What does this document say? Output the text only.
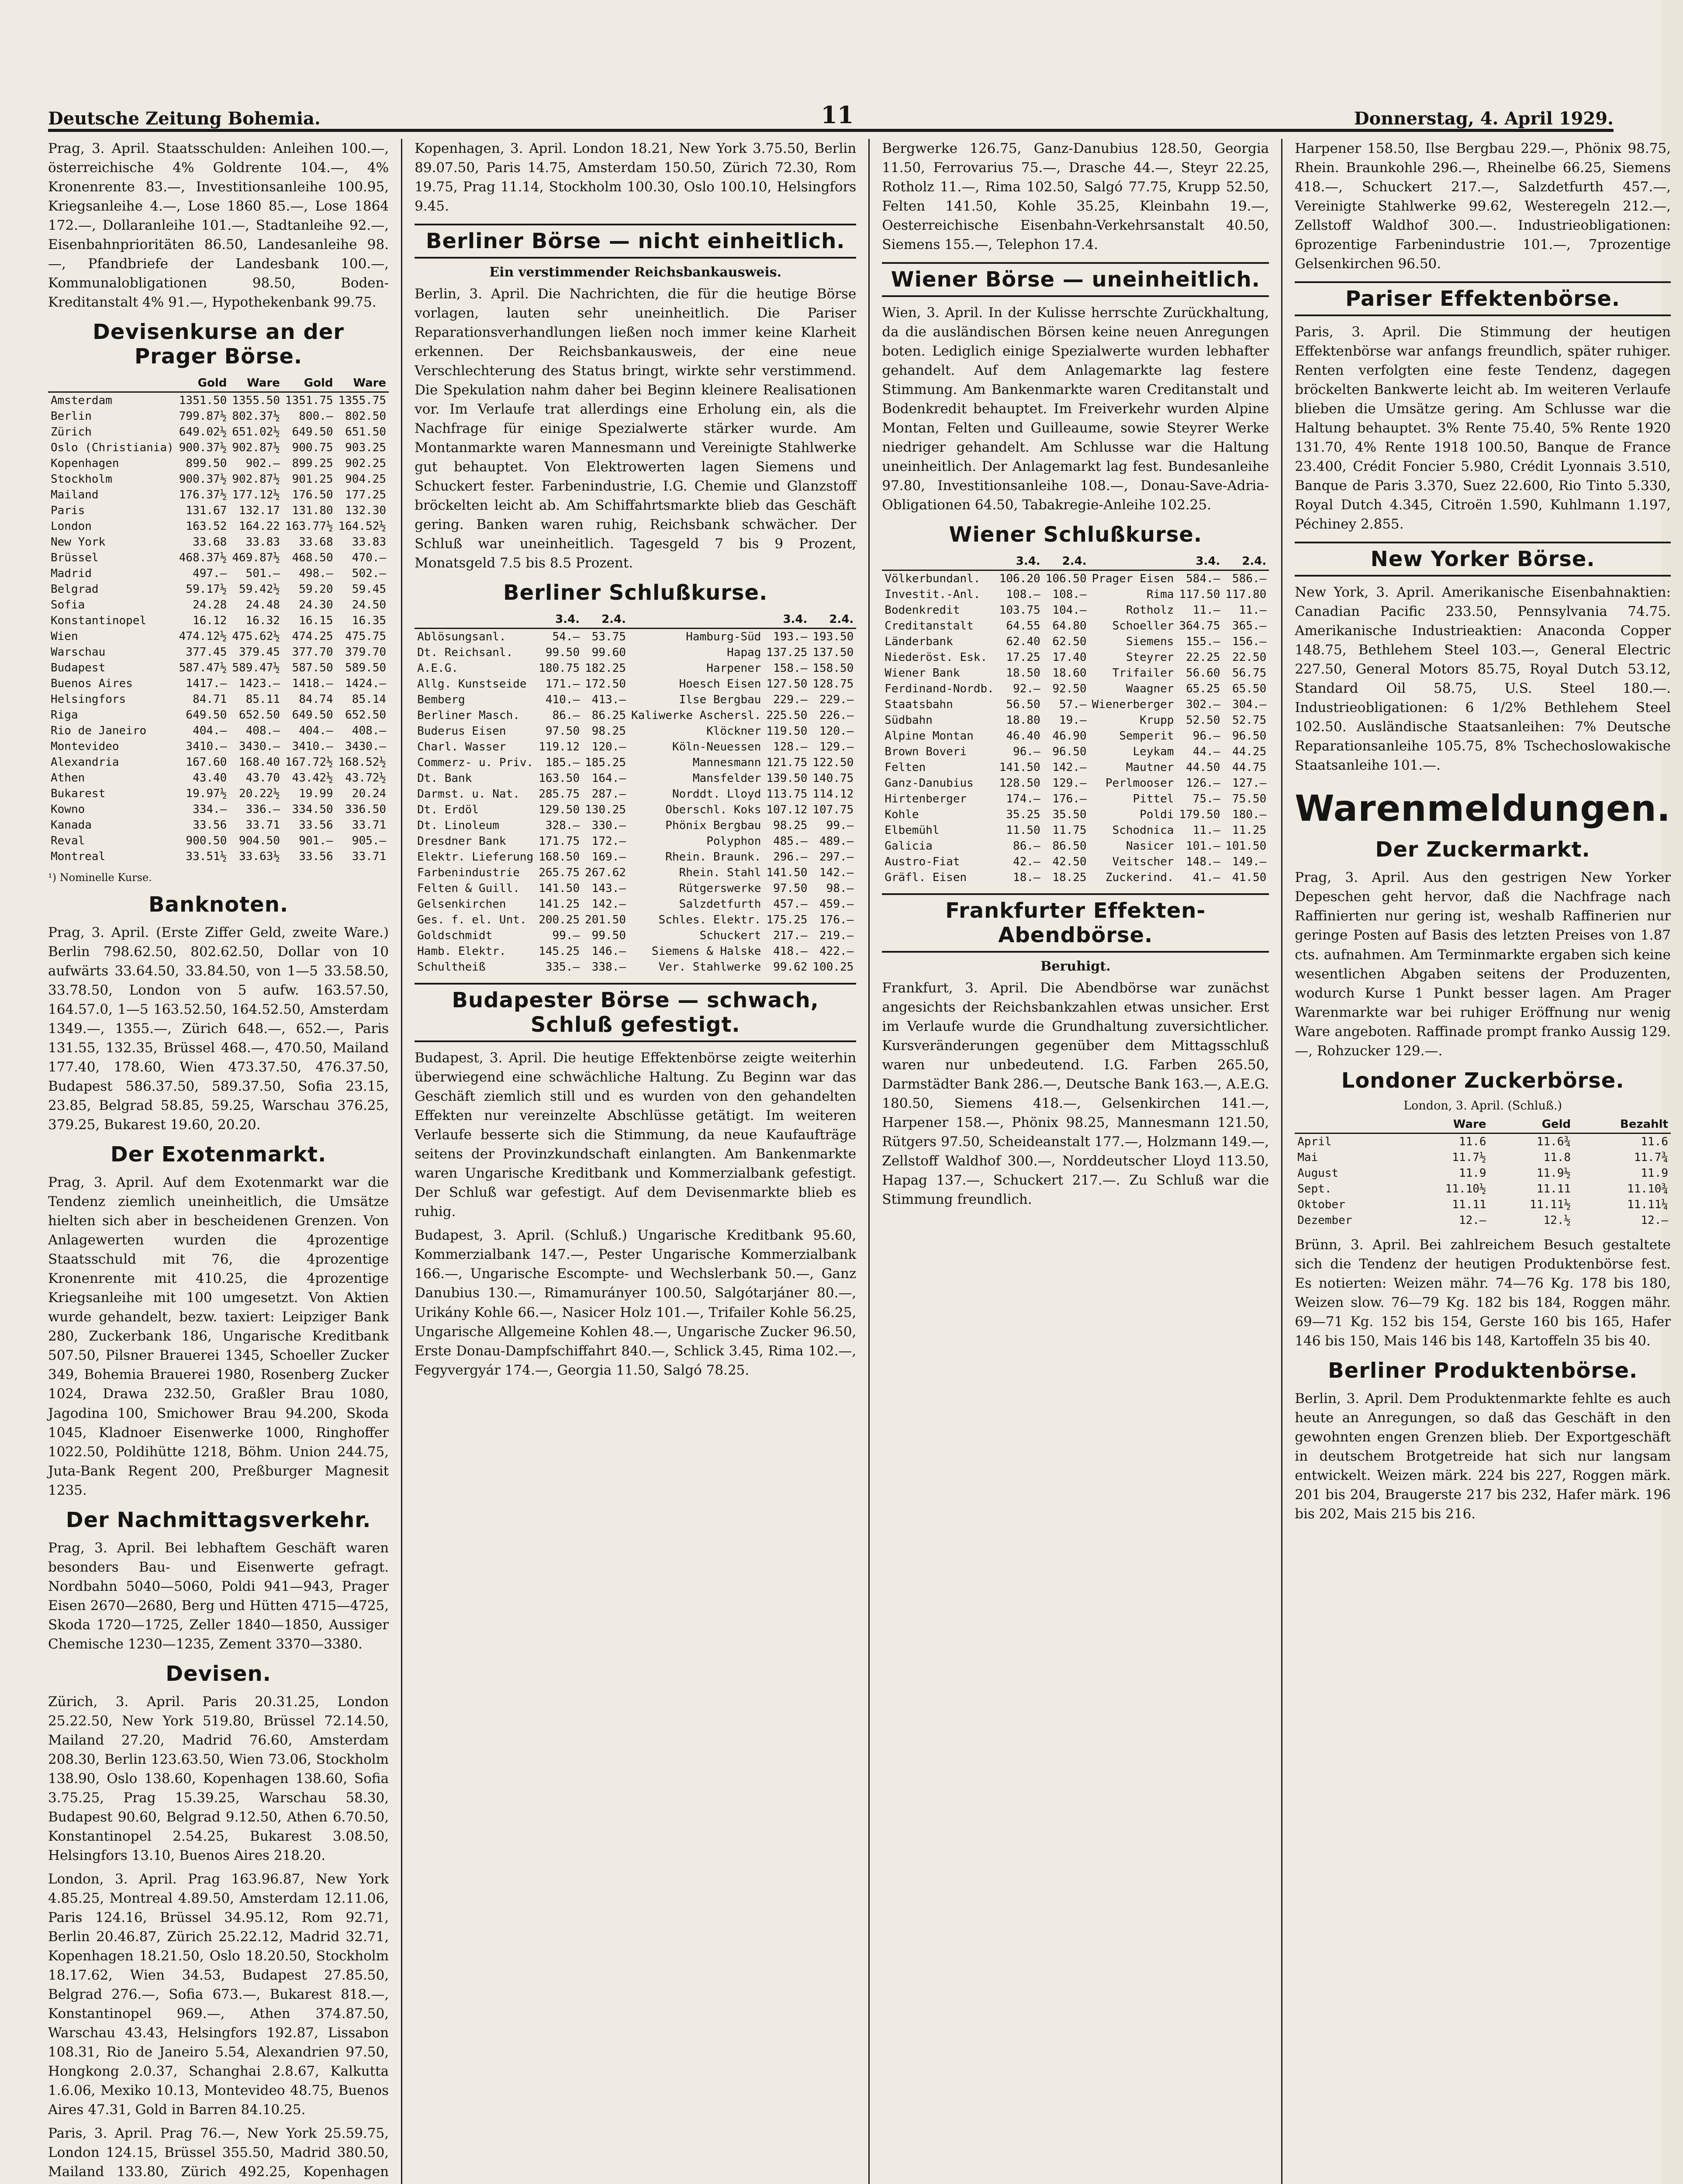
Deutsche Zeitung Bohemia.	11	Donnerstag, 4. April 1929.

Prag, 3. April. Staatsschulden: Anleihen 100.—, österreichische 4% Goldrente 104.—, 4% Kronenrente 83.—, Investitionsanleihe 100.95, Kriegsanleihe 4.—, Lose 1860 85.—, Lose 1864 172.—, Dollaranleihe 101.—, Stadtanleihe 92.—, Eisenbahnprioritäten 86.50, Landesanleihe 98.—, Pfandbriefe der Landesbank 100.—, Kommunalobligationen 98.50, Boden-Kreditanstalt 4% 91.—, Hypothekenbank 99.75.

Devisenkurse an der Prager Börse.
	Gold	Ware	Gold	Ware
Amsterdam	1351.50	1355.50	1351.75	1355.75
Berlin	799.87½	802.37½	800.—	802.50
Zürich	649.02½	651.02½	649.50	651.50
Oslo (Christiania)	900.37½	902.87½	900.75	903.25
Kopenhagen	899.50	902.—	899.25	902.25
Stockholm	900.37½	902.87½	901.25	904.25
Mailand	176.37½	177.12½	176.50	177.25
Paris	131.67	132.17	131.80	132.30
London	163.52	164.22	163.77½	164.52½
New York	33.68	33.83	33.68	33.83
Brüssel	468.37½	469.87½	468.50	470.—
Madrid	497.—	501.—	498.—	502.—
Belgrad	59.17½	59.42½	59.20	59.45
Sofia	24.28	24.48	24.30	24.50
Konstantinopel	16.12	16.32	16.15	16.35
Wien	474.12½	475.62½	474.25	475.75
Warschau	377.45	379.45	377.70	379.70
Budapest	587.47½	589.47½	587.50	589.50
Buenos Aires	1417.—	1423.—	1418.—	1424.—
Helsingfors	84.71	85.11	84.74	85.14
Riga	649.50	652.50	649.50	652.50
Rio de Janeiro	404.—	408.—	404.—	408.—
Montevideo	3410.—	3430.—	3410.—	3430.—
Alexandria	167.60	168.40	167.72½	168.52½
Athen	43.40	43.70	43.42½	43.72½
Bukarest	19.97½	20.22½	19.99	20.24
Kowno	334.—	336.—	334.50	336.50
Kanada	33.56	33.71	33.56	33.71
Reval	900.50	904.50	901.—	905.—
Montreal	33.51½	33.63½	33.56	33.71
¹) Nominelle Kurse.
Banknoten.

Prag, 3. April. (Erste Ziffer Geld, zweite Ware.) Berlin 798.62.50, 802.62.50, Dollar von 10 aufwärts 33.64.50, 33.84.50, von 1—5 33.58.50, 33.78.50, London von 5 aufw. 163.57.50, 164.57.0, 1—5 163.52.50, 164.52.50, Amsterdam 1349.—, 1355.—, Zürich 648.—, 652.—, Paris 131.55, 132.35, Brüssel 468.—, 470.50, Mailand 177.40, 178.60, Wien 473.37.50, 476.37.50, Budapest 586.37.50, 589.37.50, Sofia 23.15, 23.85, Belgrad 58.85, 59.25, Warschau 376.25, 379.25, Bukarest 19.60, 20.20.

Der Exotenmarkt.

Prag, 3. April. Auf dem Exotenmarkt war die Tendenz ziemlich uneinheitlich, die Umsätze hielten sich aber in bescheidenen Grenzen. Von Anlagewerten wurden die 4prozentige Staatsschuld mit 76, die 4prozentige Kronenrente mit 410.25, die 4prozentige Kriegsanleihe mit 100 umgesetzt. Von Aktien wurde gehandelt, bezw. taxiert: Leipziger Bank 280, Zuckerbank 186, Ungarische Kreditbank 507.50, Pilsner Brauerei 1345, Schoeller Zucker 349, Bohemia Brauerei 1980, Rosenberg Zucker 1024, Drawa 232.50, Graßler Brau 1080, Jagodina 100, Smichower Brau 94.200, Skoda 1045, Kladnoer Eisenwerke 1000, Ringhoffer 1022.50, Poldihütte 1218, Böhm. Union 244.75, Juta-Bank Regent 200, Preßburger Magnesit 1235.

Der Nachmittagsverkehr.

Prag, 3. April. Bei lebhaftem Geschäft waren besonders Bau- und Eisenwerte gefragt. Nordbahn 5040—5060, Poldi 941—943, Prager Eisen 2670—2680, Berg und Hütten 4715—4725, Skoda 1720—1725, Zeller 1840—1850, Aussiger Chemische 1230—1235, Zement 3370—3380.

Devisen.

Zürich, 3. April. Paris 20.31.25, London 25.22.50, New York 519.80, Brüssel 72.14.50, Mailand 27.20, Madrid 76.60, Amsterdam 208.30, Berlin 123.63.50, Wien 73.06, Stockholm 138.90, Oslo 138.60, Kopenhagen 138.60, Sofia 3.75.25, Prag 15.39.25, Warschau 58.30, Budapest 90.60, Belgrad 9.12.50, Athen 6.70.50, Konstantinopel 2.54.25, Bukarest 3.08.50, Helsingfors 13.10, Buenos Aires 218.20.

London, 3. April. Prag 163.96.87, New York 4.85.25, Montreal 4.89.50, Amsterdam 12.11.06, Paris 124.16, Brüssel 34.95.12, Rom 92.71, Berlin 20.46.87, Zürich 25.22.12, Madrid 32.71, Kopenhagen 18.21.50, Oslo 18.20.50, Stockholm 18.17.62, Wien 34.53, Budapest 27.85.50, Belgrad 276.—, Sofia 673.—, Bukarest 818.—, Konstantinopel 969.—, Athen 374.87.50, Warschau 43.43, Helsingfors 192.87, Lissabon 108.31, Rio de Janeiro 5.54, Alexandrien 97.50, Hongkong 2.0.37, Schanghai 2.8.67, Kalkutta 1.6.06, Mexiko 10.13, Montevideo 48.75, Buenos Aires 47.31, Gold in Barren 84.10.25.

Paris, 3. April. Prag 76.—, New York 25.59.75, London 124.15, Brüssel 355.50, Madrid 380.50, Mailand 133.80, Zürich 492.25, Kopenhagen

Kopenhagen, 3. April. London 18.21, New York 3.75.50, Berlin 89.07.50, Paris 14.75, Amsterdam 150.50, Zürich 72.30, Rom 19.75, Prag 11.14, Stockholm 100.30, Oslo 100.10, Helsingfors 9.45.

Berliner Börse — nicht einheitlich.
Ein verstimmender Reichsbankausweis.

Berlin, 3. April. Die Nachrichten, die für die heutige Börse vorlagen, lauten sehr uneinheitlich. Die Pariser Reparationsverhandlungen ließen noch immer keine Klarheit erkennen. Der Reichsbankausweis, der eine neue Verschlechterung des Status bringt, wirkte sehr verstimmend. Die Spekulation nahm daher bei Beginn kleinere Realisationen vor. Im Verlaufe trat allerdings eine Erholung ein, als die Nachfrage für einige Spezialwerte stärker wurde. Am Montanmarkte waren Mannesmann und Vereinigte Stahlwerke gut behauptet. Von Elektrowerten lagen Siemens und Schuckert fester. Farbenindustrie, I.G. Chemie und Glanzstoff bröckelten leicht ab. Am Schiffahrtsmarkte blieb das Geschäft gering. Banken waren ruhig, Reichsbank schwächer. Der Schluß war uneinheitlich. Tagesgeld 7 bis 9 Prozent, Monatsgeld 7.5 bis 8.5 Prozent.

Berliner Schlußkurse.
	3.4.	2.4.		3.4.	2.4.
Ablösungsanl.	54.—	53.75	Hamburg-Süd	193.—	193.50
Dt. Reichsanl.	99.50	99.60	Hapag	137.25	137.50
A.E.G.	180.75	182.25	Harpener	158.—	158.50
Allg. Kunstseide	171.—	172.50	Hoesch Eisen	127.50	128.75
Bemberg	410.—	413.—	Ilse Bergbau	229.—	229.—
Berliner Masch.	86.—	86.25	Kaliwerke Aschersl.	225.50	226.—
Buderus Eisen	97.50	98.25	Klöckner	119.50	120.—
Charl. Wasser	119.12	120.—	Köln-Neuessen	128.—	129.—
Commerz- u. Priv.	185.—	185.25	Mannesmann	121.75	122.50
Dt. Bank	163.50	164.—	Mansfelder	139.50	140.75
Darmst. u. Nat.	285.75	287.—	Norddt. Lloyd	113.75	114.12
Dt. Erdöl	129.50	130.25	Oberschl. Koks	107.12	107.75
Dt. Linoleum	328.—	330.—	Phönix Bergbau	98.25	99.—
Dresdner Bank	171.75	172.—	Polyphon	485.—	489.—
Elektr. Lieferung	168.50	169.—	Rhein. Braunk.	296.—	297.—
Farbenindustrie	265.75	267.62	Rhein. Stahl	141.50	142.—
Felten & Guill.	141.50	143.—	Rütgerswerke	97.50	98.—
Gelsenkirchen	141.25	142.—	Salzdetfurth	457.—	459.—
Ges. f. el. Unt.	200.25	201.50	Schles. Elektr.	175.25	176.—
Goldschmidt	99.—	99.50	Schuckert	217.—	219.—
Hamb. Elektr.	145.25	146.—	Siemens & Halske	418.—	422.—
Schultheiß	335.—	338.—	Ver. Stahlwerke	99.62	100.25
Budapester Börse — schwach, Schluß gefestigt.

Budapest, 3. April. Die heutige Effektenbörse zeigte weiterhin überwiegend eine schwächliche Haltung. Zu Beginn war das Geschäft ziemlich still und es wurden von den gehandelten Effekten nur vereinzelte Abschlüsse getätigt. Im weiteren Verlaufe besserte sich die Stimmung, da neue Kaufaufträge seitens der Provinzkundschaft einlangten. Am Bankenmarkte waren Ungarische Kreditbank und Kommerzialbank gefestigt. Der Schluß war gefestigt. Auf dem Devisenmarkte blieb es ruhig.

Budapest, 3. April. (Schluß.) Ungarische Kreditbank 95.60, Kommerzialbank 147.—, Pester Ungarische Kommerzialbank 166.—, Ungarische Escompte- und Wechslerbank 50.—, Ganz Danubius 130.—, Rimamurányer 100.50, Salgótarjáner 80.—, Urikány Kohle 66.—, Nasicer Holz 101.—, Trifailer Kohle 56.25, Ungarische Allgemeine Kohlen 48.—, Ungarische Zucker 96.50, Erste Donau-Dampfschiffahrt 840.—, Schlick 3.45, Rima 102.—, Fegyvergyár 174.—, Georgia 11.50, Salgó 78.25.

Bergwerke 126.75, Ganz-Danubius 128.50, Georgia 11.50, Ferrovarius 75.—, Drasche 44.—, Steyr 22.25, Rotholz 11.—, Rima 102.50, Salgó 77.75, Krupp 52.50, Felten 141.50, Kohle 35.25, Kleinbahn 19.—, Oesterreichische Eisenbahn-Verkehrsanstalt 40.50, Siemens 155.—, Telephon 17.4.

Wiener Börse — uneinheitlich.

Wien, 3. April. In der Kulisse herrschte Zurückhaltung, da die ausländischen Börsen keine neuen Anregungen boten. Lediglich einige Spezialwerte wurden lebhafter gehandelt. Auf dem Anlagemarkte lag festere Stimmung. Am Bankenmarkte waren Creditanstalt und Bodenkredit behauptet. Im Freiverkehr wurden Alpine Montan, Felten und Guilleaume, sowie Steyrer Werke niedriger gehandelt. Am Schlusse war die Haltung uneinheitlich. Der Anlagemarkt lag fest. Bundesanleihe 97.80, Investitionsanleihe 108.—, Donau-Save-Adria-Obligationen 64.50, Tabakregie-Anleihe 102.25.

Wiener Schlußkurse.
	3.4.	2.4.		3.4.	2.4.
Völkerbundanl.	106.20	106.50	Prager Eisen	584.—	586.—
Investit.-Anl.	108.—	108.—	Rima	117.50	117.80
Bodenkredit	103.75	104.—	Rotholz	11.—	11.—
Creditanstalt	64.55	64.80	Schoeller	364.75	365.—
Länderbank	62.40	62.50	Siemens	155.—	156.—
Niederöst. Esk.	17.25	17.40	Steyrer	22.25	22.50
Wiener Bank	18.50	18.60	Trifailer	56.60	56.75
Ferdinand-Nordb.	92.—	92.50	Waagner	65.25	65.50
Staatsbahn	56.50	57.—	Wienerberger	302.—	304.—
Südbahn	18.80	19.—	Krupp	52.50	52.75
Alpine Montan	46.40	46.90	Semperit	96.—	96.50
Brown Boveri	96.—	96.50	Leykam	44.—	44.25
Felten	141.50	142.—	Mautner	44.50	44.75
Ganz-Danubius	128.50	129.—	Perlmooser	126.—	127.—
Hirtenberger	174.—	176.—	Pittel	75.—	75.50
Kohle	35.25	35.50	Poldi	179.50	180.—
Elbemühl	11.50	11.75	Schodnica	11.—	11.25
Galicia	86.—	86.50	Nasicer	101.—	101.50
Austro-Fiat	42.—	42.50	Veitscher	148.—	149.—
Gräfl. Eisen	18.—	18.25	Zuckerind.	41.—	41.50
Frankfurter Effekten-Abendbörse.
Beruhigt.

Frankfurt, 3. April. Die Abendbörse war zunächst angesichts der Reichsbankzahlen etwas unsicher. Erst im Verlaufe wurde die Grundhaltung zuversichtlicher. Kursveränderungen gegenüber dem Mittagsschluß waren nur unbedeutend. I.G. Farben 265.50, Darmstädter Bank 286.—, Deutsche Bank 163.—, A.E.G. 180.50, Siemens 418.—, Gelsenkirchen 141.—, Harpener 158.—, Phönix 98.25, Mannesmann 121.50, Rütgers 97.50, Scheideanstalt 177.—, Holzmann 149.—, Zellstoff Waldhof 300.—, Norddeutscher Lloyd 113.50, Hapag 137.—, Schuckert 217.—. Zu Schluß war die Stimmung freundlich.

Harpener 158.50, Ilse Bergbau 229.—, Phönix 98.75, Rhein. Braunkohle 296.—, Rheinelbe 66.25, Siemens 418.—, Schuckert 217.—, Salzdetfurth 457.—, Vereinigte Stahlwerke 99.62, Westeregeln 212.—, Zellstoff Waldhof 300.—. Industrieobligationen: 6prozentige Farbenindustrie 101.—, 7prozentige Gelsenkirchen 96.50.

Pariser Effektenbörse.

Paris, 3. April. Die Stimmung der heutigen Effektenbörse war anfangs freundlich, später ruhiger. Renten verfolgten eine feste Tendenz, dagegen bröckelten Bankwerte leicht ab. Im weiteren Verlaufe blieben die Umsätze gering. Am Schlusse war die Haltung behauptet. 3% Rente 75.40, 5% Rente 1920 131.70, 4% Rente 1918 100.50, Banque de France 23.400, Crédit Foncier 5.980, Crédit Lyonnais 3.510, Banque de Paris 3.370, Suez 22.600, Rio Tinto 5.330, Royal Dutch 4.345, Citroën 1.590, Kuhlmann 1.197, Péchiney 2.855.

New Yorker Börse.

New York, 3. April. Amerikanische Eisenbahnaktien: Canadian Pacific 233.50, Pennsylvania 74.75. Amerikanische Industrieaktien: Anaconda Copper 148.75, Bethlehem Steel 103.—, General Electric 227.50, General Motors 85.75, Royal Dutch 53.12, Standard Oil 58.75, U.S. Steel 180.—. Industrieobligationen: 6 1/2% Bethlehem Steel 102.50. Ausländische Staatsanleihen: 7% Deutsche Reparationsanleihe 105.75, 8% Tschechoslowakische Staatsanleihe 101.—.

Warenmeldungen.
Der Zuckermarkt.

Prag, 3. April. Aus den gestrigen New Yorker Depeschen geht hervor, daß die Nachfrage nach Raffinierten nur gering ist, weshalb Raffinerien nur geringe Posten auf Basis des letzten Preises von 1.87 cts. aufnahmen. Am Terminmarkte ergaben sich keine wesentlichen Abgaben seitens der Produzenten, wodurch Kurse 1 Punkt besser lagen. Am Prager Warenmarkte war bei ruhiger Eröffnung nur wenig Ware angeboten. Raffinade prompt franko Aussig 129.—, Rohzucker 129.—.

Londoner Zuckerbörse.
London, 3. April. (Schluß.)
	Ware	Geld	Bezahlt
April	11.6	11.6¾	11.6
Mai	11.7½	11.8	11.7¾
August	11.9	11.9½	11.9
Sept.	11.10½	11.11	11.10¾
Oktober	11.11	11.11½	11.11¼
Dezember	12.—	12.½	12.—

Brünn, 3. April. Bei zahlreichem Besuch gestaltete sich die Tendenz der heutigen Produktenbörse fest. Es notierten: Weizen mähr. 74—76 Kg. 178 bis 180, Weizen slow. 76—79 Kg. 182 bis 184, Roggen mähr. 69—71 Kg. 152 bis 154, Gerste 160 bis 165, Hafer 146 bis 150, Mais 146 bis 148, Kartoffeln 35 bis 40.

Berliner Produktenbörse.

Berlin, 3. April. Dem Produktenmarkte fehlte es auch heute an Anregungen, so daß das Geschäft in den gewohnten engen Grenzen blieb. Der Exportgeschäft in deutschem Brotgetreide hat sich nur langsam entwickelt. Weizen märk. 224 bis 227, Roggen märk. 201 bis 204, Braugerste 217 bis 232, Hafer märk. 196 bis 202, Mais 215 bis 216.
